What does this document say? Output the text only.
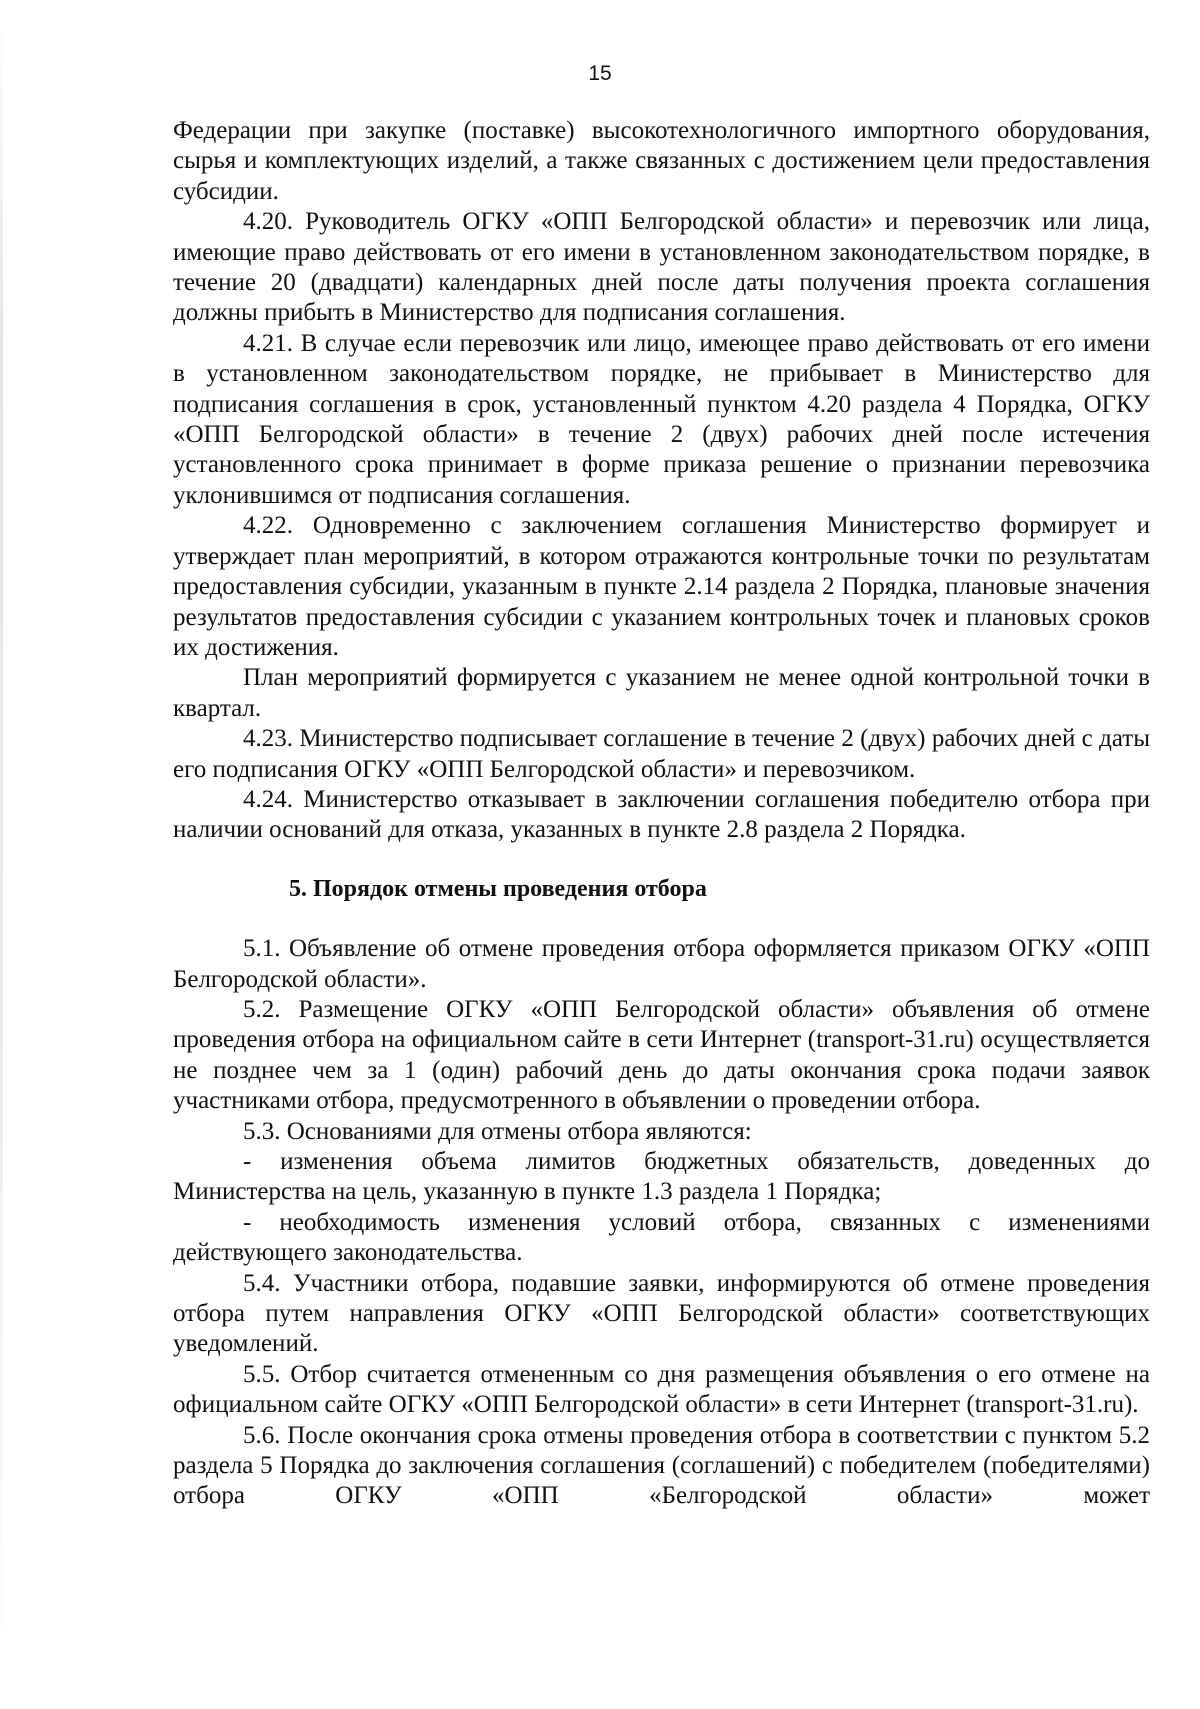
15

Федерации при закупке (поставке) высокотехнологичного импортного оборудования, сырья и комплектующих изделий, а также связанных с достижением цели предоставления субсидии.

4.20. Руководитель ОГКУ «ОПП Белгородской области» и перевозчик или лица, имеющие право действовать от его имени в установленном законодательством порядке, в течение 20 (двадцати) календарных дней после даты получения проекта соглашения должны прибыть в Министерство для подписания соглашения.

4.21. В случае если перевозчик или лицо, имеющее право действовать от его имени в установленном законодательством порядке, не прибывает в Министерство для подписания соглашения в срок, установленный пунктом 4.20 раздела 4 Порядка, ОГКУ «ОПП Белгородской области» в течение 2 (двух) рабочих дней после истечения установленного срока принимает в форме приказа решение о признании перевозчика уклонившимся от подписания соглашения.

4.22. Одновременно с заключением соглашения Министерство формирует и утверждает план мероприятий, в котором отражаются контрольные точки по результатам предоставления субсидии, указанным в пункте 2.14 раздела 2 Порядка, плановые значения результатов предоставления субсидии с указанием контрольных точек и плановых сроков их достижения.

План мероприятий формируется с указанием не менее одной контрольной точки в квартал.

4.23. Министерство подписывает соглашение в течение 2 (двух) рабочих дней с даты его подписания ОГКУ «ОПП Белгородской области» и перевозчиком.

4.24. Министерство отказывает в заключении соглашения победителю отбора при наличии оснований для отказа, указанных в пункте 2.8 раздела 2 Порядка.

5. Порядок отмены проведения отбора

5.1. Объявление об отмене проведения отбора оформляется приказом ОГКУ «ОПП Белгородской области».

5.2. Размещение ОГКУ «ОПП Белгородской области» объявления об отмене проведения отбора на официальном сайте в сети Интернет (transport-31.ru) осуществляется не позднее чем за 1 (один) рабочий день до даты окончания срока подачи заявок участниками отбора, предусмотренного в объявлении о проведении отбора.

5.3. Основаниями для отмены отбора являются:

- изменения объема лимитов бюджетных обязательств, доведенных до Министерства на цель, указанную в пункте 1.3 раздела 1 Порядка;

- необходимость изменения условий отбора, связанных с изменениями действующего законодательства.

5.4. Участники отбора, подавшие заявки, информируются об отмене проведения отбора путем направления ОГКУ «ОПП Белгородской области» соответствующих уведомлений.

5.5. Отбор считается отмененным со дня размещения объявления о его отмене на официальном сайте ОГКУ «ОПП Белгородской области» в сети Интернет (transport-31.ru).

5.6. После окончания срока отмены проведения отбора в соответствии с пунктом 5.2 раздела 5 Порядка до заключения соглашения (соглашений) с победителем (победителями) отбора ОГКУ «ОПП «Белгородской области» может
